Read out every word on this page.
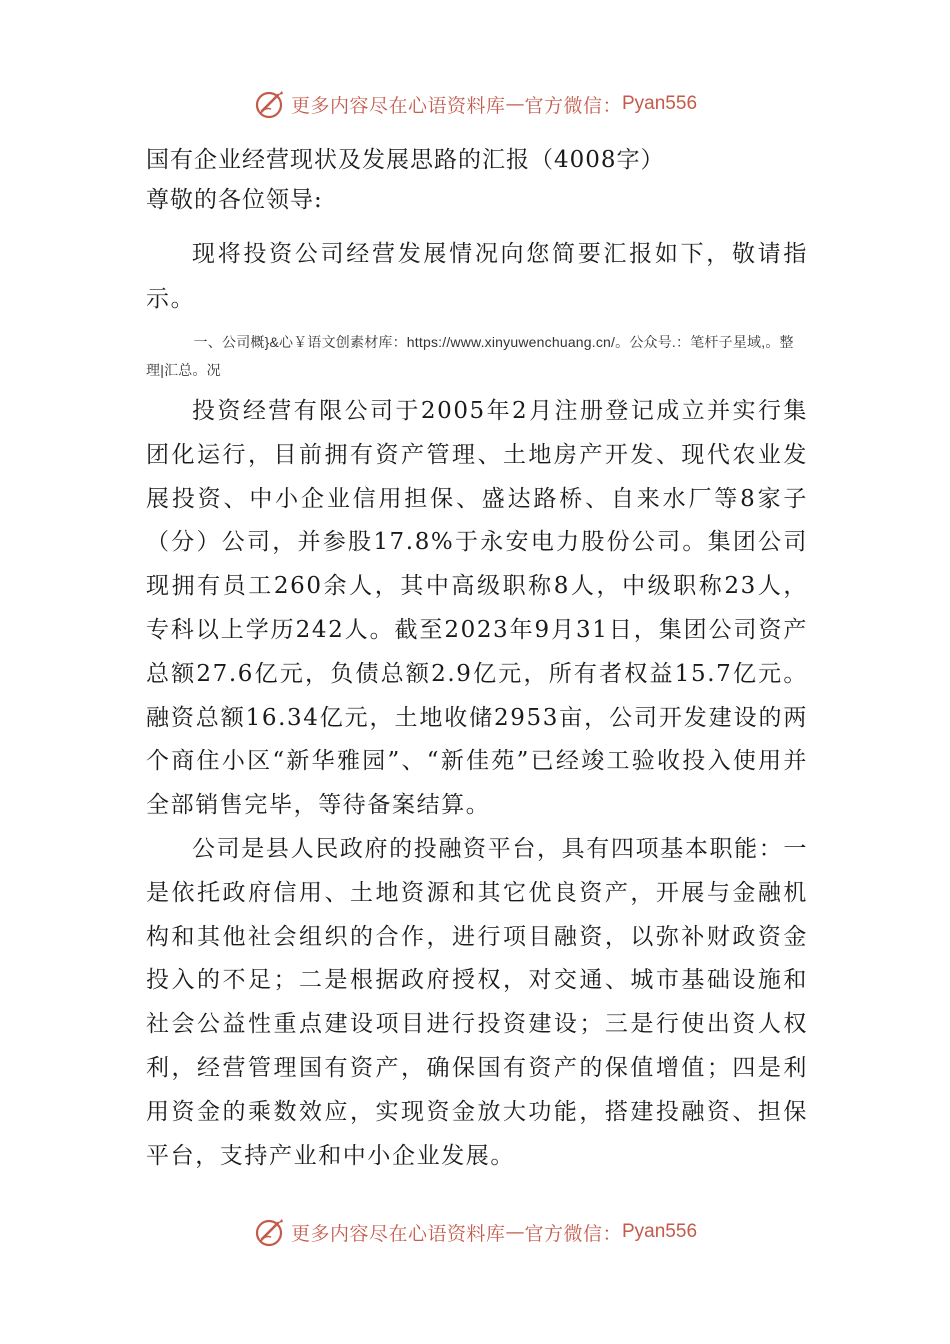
更多内容尽在心语资料库 — 官方微信： Pyan556

国有企业经营现状及发展思路的汇报（4008字）

尊敬的各位领导:

现将投资公司经营发展情况向您简要汇报如下，敬请指示。

一、公司概}&心￥语文创素材库：https://www.xinyuwenchuang.cn/。公众号.：笔杆子星域,。整理|汇总。况

投资经营有限公司于2005年2月注册登记成立并实行集团化运行，目前拥有资产管理、土地房产开发、现代农业发展投资、中小企业信用担保、盛达路桥、自来水厂等8家子（分）公司，并参股17.8%于永安电力股份公司。集团公司现拥有员工260余人，其中高级职称8人，中级职称23人，专科以上学历242人。截至2023年9月31日，集团公司资产总额27.6亿元，负债总额2.9亿元，所有者权益15.7亿元。融资总额16.34亿元，土地收储2953亩，公司开发建设的两个商住小区“新华雅园”、“新佳苑”已经竣工验收投入使用并全部销售完毕，等待备案结算。

公司是县人民政府的投融资平台，具有四项基本职能：一是依托政府信用、土地资源和其它优良资产，开展与金融机构和其他社会组织的合作，进行项目融资，以弥补财政资金投入的不足；二是根据政府授权，对交通、城市基础设施和社会公益性重点建设项目进行投资建设；三是行使出资人权利，经营管理国有资产，确保国有资产的保值增值；四是利用资金的乘数效应，实现资金放大功能，搭建投融资、担保平台，支持产业和中小企业发展。

更多内容尽在心语资料库 — 官方微信： Pyan556
